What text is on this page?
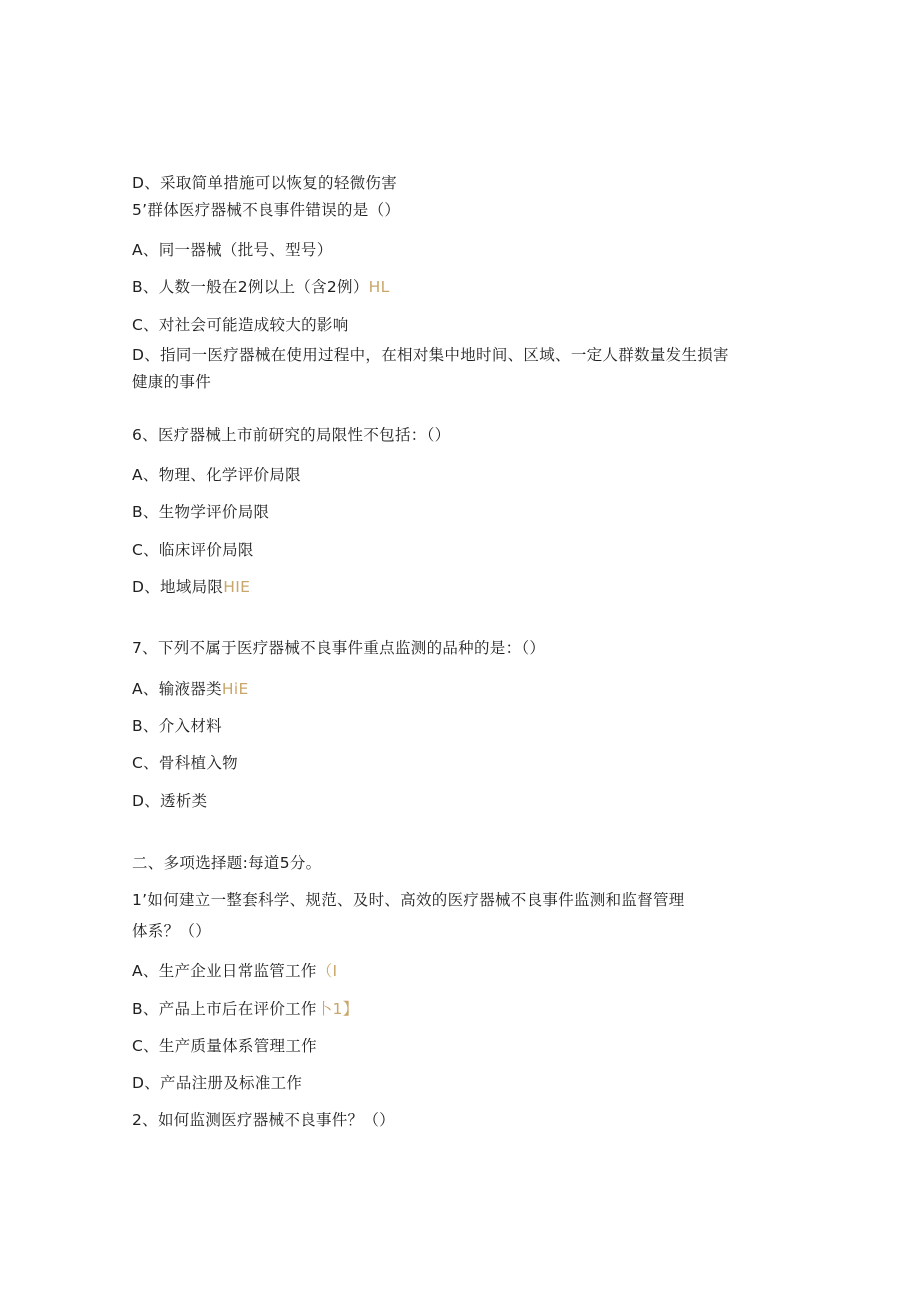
D、采取简单措施可以恢复的轻微伤害
5’群体医疗器械不良事件错误的是（）
A、同一器械（批号、型号）
B、人数一般在2例以上（含2例）HL
C、对社会可能造成较大的影响
D、指同一医疗器械在使用过程中，在相对集中地时间、区域、一定人群数量发生损害
健康的事件
6、医疗器械上市前研究的局限性不包括：（）
A、物理、化学评价局限
B、生物学评价局限
C、临床评价局限
D、地域局限HIE
7、下列不属于医疗器械不良事件重点监测的品种的是：（）
A、输液器类HiE
B、介入材料
C、骨科植入物
D、透析类
二、多项选择题:每道5分。
1’如何建立一整套科学、规范、及时、高效的医疗器械不良事件监测和监督管理
体系？（）
A、生产企业日常监管工作（I
B、产品上市后在评价工作卜1】
C、生产质量体系管理工作
D、产品注册及标准工作
2、如何监测医疗器械不良事件？（）
